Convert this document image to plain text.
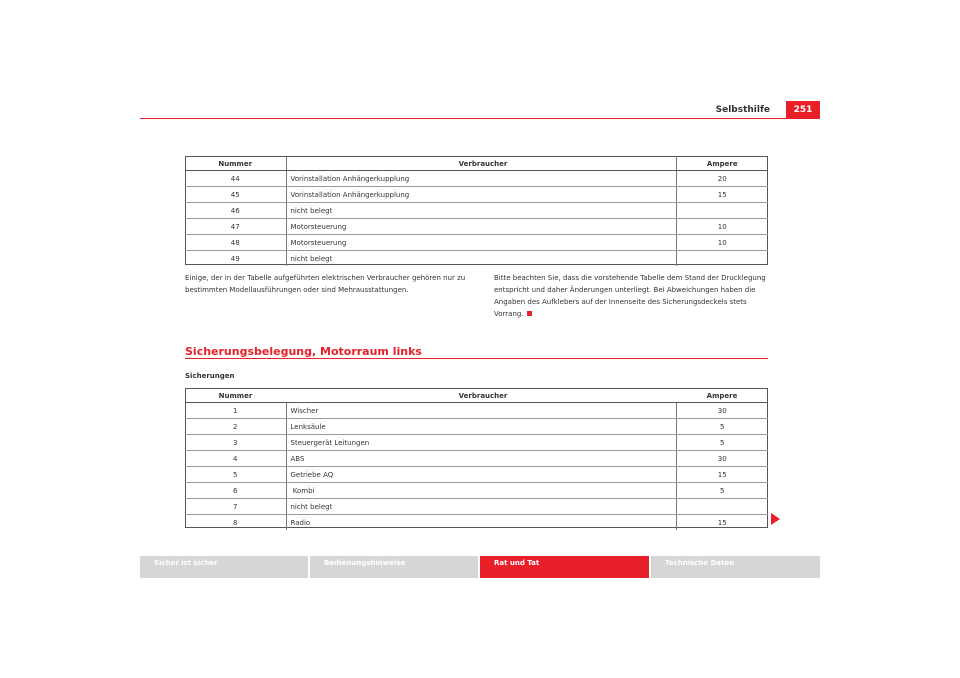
Selbsthilfe	251
Nummer	Verbraucher	Ampere
44	Vorinstallation Anhängerkupplung	20
45	Vorinstallation Anhängerkupplung	15
46	nicht belegt	
47	Motorsteuerung	10
48	Motorsteuerung	10
49	nicht belegt	
Einige, der in der Tabelle aufgeführten elektrischen Verbraucher gehören nur zu bestimmten Modellausführungen oder sind Mehrausstattungen.
Bitte beachten Sie, dass die vorstehende Tabelle dem Stand der Drucklegung entspricht und daher Änderungen unterliegt. Bei Abweichungen haben die Angaben des Aufklebers auf der Innenseite des Sicherungsdeckels stets Vorrang.
Sicherungsbelegung, Motorraum links
Sicherungen
Nummer	Verbraucher	Ampere
1	Wischer	30
2	Lenksäule	5
3	Steuergerät Leitungen	5
4	ABS	30
5	Getriebe AQ	15
6	Kombi	5
7	nicht belegt	
8	Radio	15
Sicher ist sicher	Bedienungshinweise	Rat und Tat	Technische Daten
